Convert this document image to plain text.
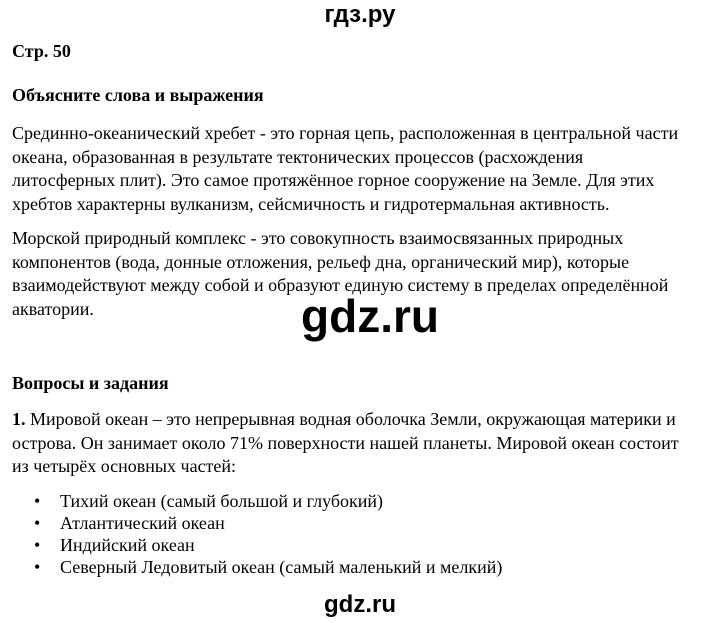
гдз.ру
Стр. 50
Объясните слова и выражения
Срединно-океанический хребет - это горная цепь, расположенная в центральной части
океана, образованная в результате тектонических процессов (расхождения
литосферных плит). Это самое протяжённое горное сооружение на Земле. Для этих
хребтов характерны вулканизм, сейсмичность и гидротермальная активность.
Морской природный комплекс - это совокупность взаимосвязанных природных
компонентов (вода, донные отложения, рельеф дна, органический мир), которые
взаимодействуют между собой и образуют единую систему в пределах определённой
акватории.	gdz.ru
Вопросы и задания
1. Мировой океан – это непрерывная водная оболочка Земли, окружающая материки и
острова. Он занимает около 71% поверхности нашей планеты. Мировой океан состоит
из четырёх основных частей:
• Тихий океан (самый большой и глубокий)
• Атлантический океан
• Индийский океан
• Северный Ледовитый океан (самый маленький и мелкий)
gdz.ru
